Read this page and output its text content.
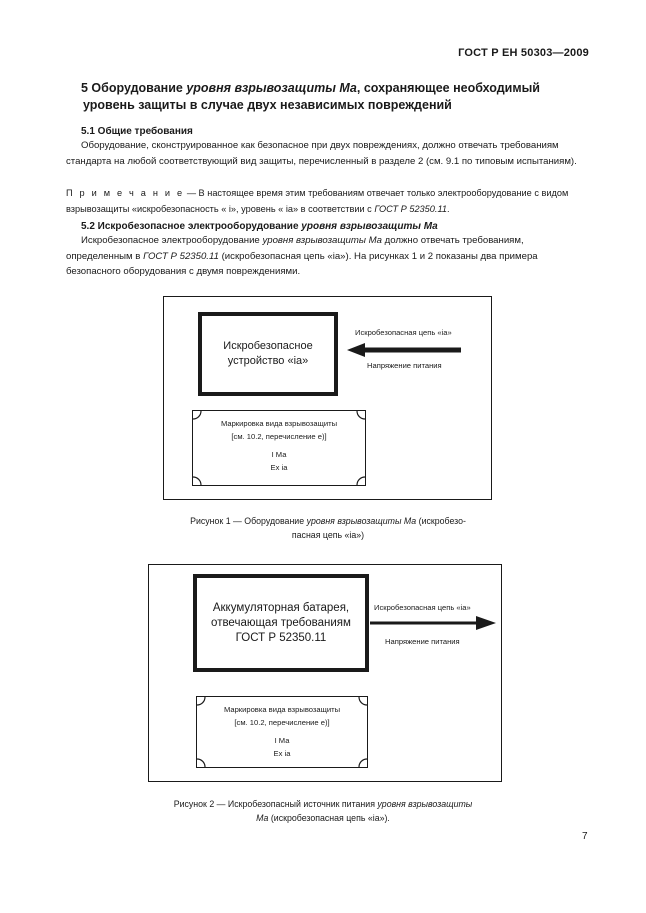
ГОСТ Р ЕН 50303—2009
5 Оборудование уровня взрывозащиты Ма, сохраняющее необходимый
уровень защиты в случае двух независимых повреждений
5.1 Общие требования
Оборудование, сконструированное как безопасное при двух повреждениях, должно отвечать требованиям стандарта на любой соответствующий вид защиты, перечисленный в разделе 2 (см. 9.1 по типовым испытаниям).
П р и м е ч а н и е — В настоящее время этим требованиям отвечает только электрооборудование с видом взрывозащиты «искробезопасность « i», уровень « ia» в соответствии с ГОСТ Р 52350.11.
5.2 Искробезопасное электрооборудование уровня взрывозащиты Ма
Искробезопасное электрооборудование уровня взрывозащиты Ма должно отвечать требованиям, определенным в ГОСТ Р 52350.11 (искробезопасная цепь «ia»). На рисунках 1 и 2 показаны два примера безопасного оборудования с двумя повреждениями.
Искробезопасное
устройство «ia»
Искробезопасная цепь «ia»
Напряжение питания
Маркировка вида взрывозащиты
[см. 10.2, перечисление е)]
I Ма
Ex ia
Рисунок 1 — Оборудование уровня взрывозащиты Ма (искробезо-
пасная цепь «ia»)
Аккумуляторная батарея,
отвечающая требованиям
ГОСТ Р 52350.11
Искробезопасная цепь «ia»
Напряжение питания
Маркировка вида взрывозащиты
[см. 10.2, перечисление е)]
I Ма
Ex ia
Рисунок 2 — Искробезопасный источник питания уровня взрывозащиты
Ма (искробезопасная цепь «ia»).
7
